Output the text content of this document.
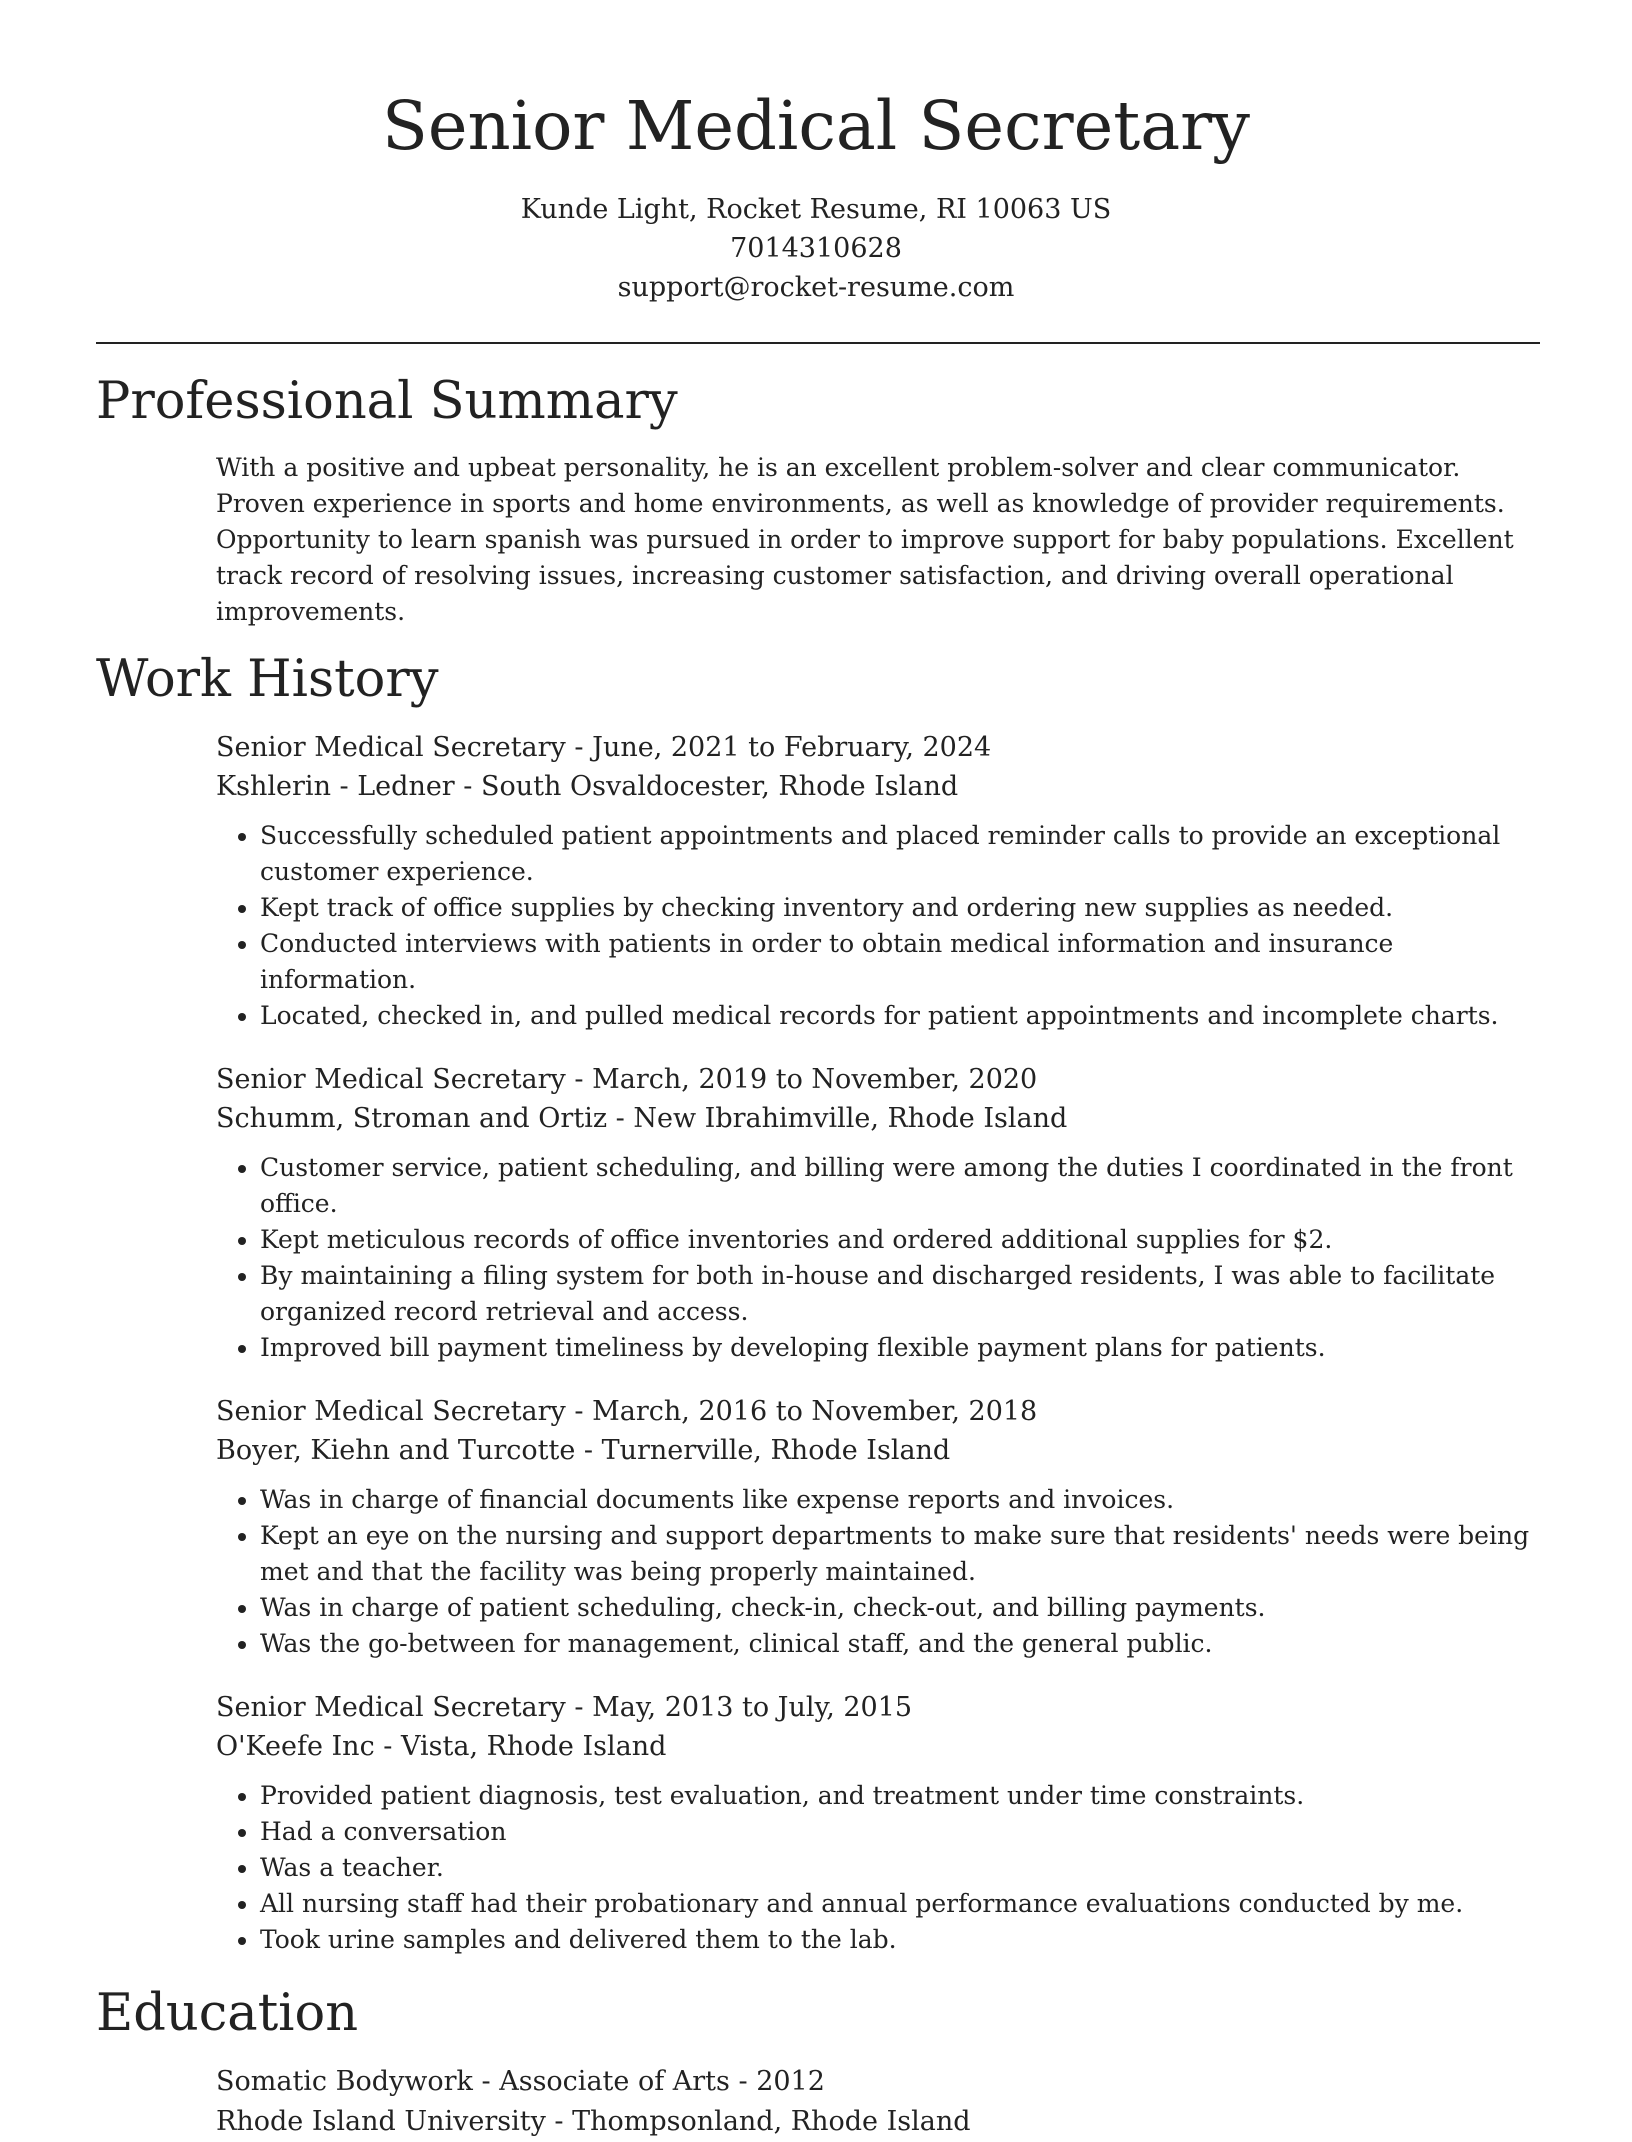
Senior Medical Secretary
Kunde Light, Rocket Resume, RI 10063 US
7014310628
support@rocket-resume.com
Professional Summary

With a positive and upbeat personality, he is an excellent problem-solver and clear communicator. Proven experience in sports and home environments, as well as knowledge of provider requirements. Opportunity to learn spanish was pursued in order to improve support for baby populations. Excellent track record of resolving issues, increasing customer satisfaction, and driving overall operational improvements.

Work History
Senior Medical Secretary - June, 2021 to February, 2024
Kshlerin - Ledner - South Osvaldocester, Rhode Island
• Successfully scheduled patient appointments and placed reminder calls to provide an exceptional customer experience.
• Kept track of office supplies by checking inventory and ordering new supplies as needed.
• Conducted interviews with patients in order to obtain medical information and insurance information.
• Located, checked in, and pulled medical records for patient appointments and incomplete charts.
Senior Medical Secretary - March, 2019 to November, 2020
Schumm, Stroman and Ortiz - New Ibrahimville, Rhode Island
• Customer service, patient scheduling, and billing were among the duties I coordinated in the front office.
• Kept meticulous records of office inventories and ordered additional supplies for $2.
• By maintaining a filing system for both in-house and discharged residents, I was able to facilitate organized record retrieval and access.
• Improved bill payment timeliness by developing flexible payment plans for patients.
Senior Medical Secretary - March, 2016 to November, 2018
Boyer, Kiehn and Turcotte - Turnerville, Rhode Island
• Was in charge of financial documents like expense reports and invoices.
• Kept an eye on the nursing and support departments to make sure that residents' needs were being met and that the facility was being properly maintained.
• Was in charge of patient scheduling, check-in, check-out, and billing payments.
• Was the go-between for management, clinical staff, and the general public.
Senior Medical Secretary - May, 2013 to July, 2015
O'Keefe Inc - Vista, Rhode Island
• Provided patient diagnosis, test evaluation, and treatment under time constraints.
• Had a conversation
• Was a teacher.
• All nursing staff had their probationary and annual performance evaluations conducted by me.
• Took urine samples and delivered them to the lab.
Education
Somatic Bodywork - Associate of Arts - 2012
Rhode Island University - Thompsonland, Rhode Island
